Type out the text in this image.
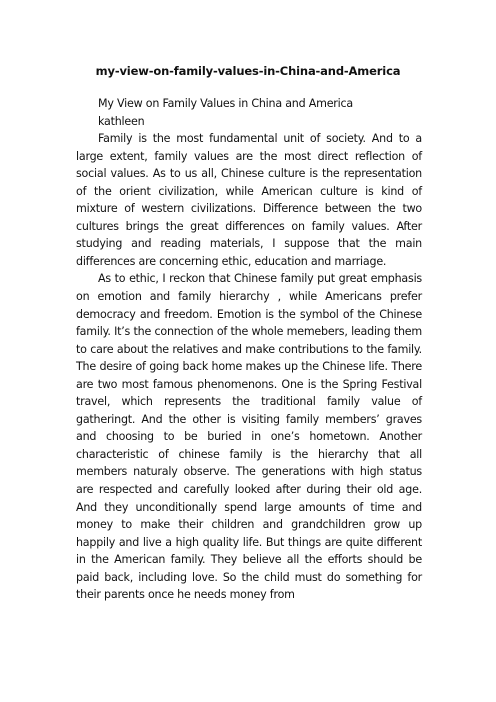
my-view-on-family-values-in-China-and-America

My View on Family Values in China and America

kathleen

Family is the most fundamental unit of society. And to a large extent, family values are the most direct reflection of social values. As to us all, Chinese culture is the representation of the orient civilization, while American culture is kind of mixture of western civilizations. Difference between the two cultures brings the great differences on family values. After studying and reading materials, I suppose that the main differences are concerning ethic, education and marriage.

As to ethic, I reckon that Chinese family put great emphasis on emotion and family hierarchy , while Americans prefer democracy and freedom. Emotion is the symbol of the Chinese family. It’s the connection of the whole memebers, leading them to care about the relatives and make contributions to the family. The desire of going back home makes up the Chinese life. There are two most famous phenomenons. One is the Spring Festival travel, which represents the traditional family value of gatheringt. And the other is visiting family members’ graves and choosing to be buried in one’s hometown. Another characteristic of chinese family is the hierarchy that all members naturaly observe. The generations with high status are respected and carefully looked after during their old age. And they unconditionally spend large amounts of time and money to make their children and grandchildren grow up happily and live a high quality life. But things are quite different in the American family. They believe all the efforts should be paid back, including love. So the child must do something for their parents once he needs money from
